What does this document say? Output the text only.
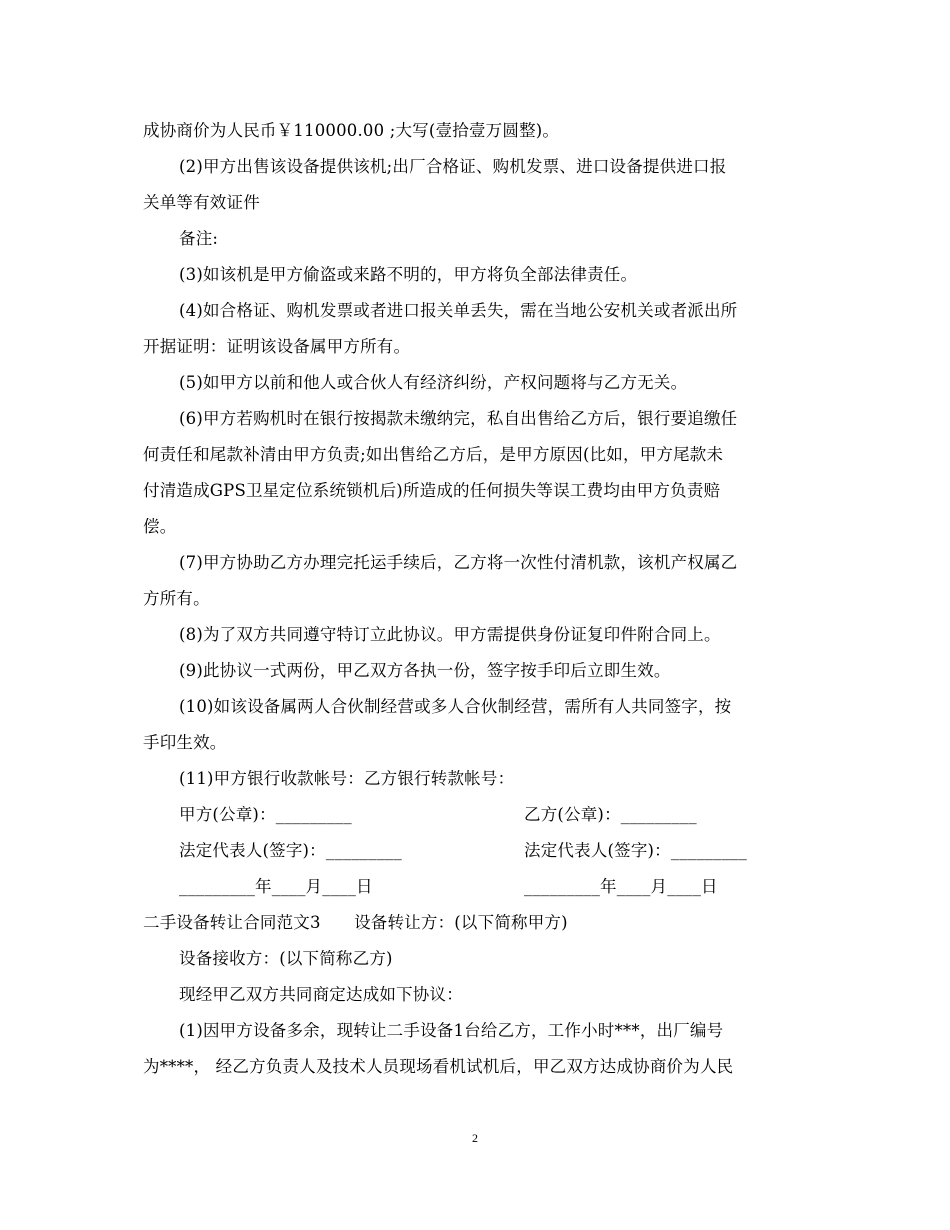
成协商价为人民币￥110000.00 ;大写(壹拾壹万圆整)。
(2)甲方出售该设备提供该机;出厂合格证、购机发票、进口设备提供进口报
关单等有效证件
备注:
(3)如该机是甲方偷盗或来路不明的，甲方将负全部法律责任。
(4)如合格证、购机发票或者进口报关单丢失，需在当地公安机关或者派出所
开据证明：证明该设备属甲方所有。
(5)如甲方以前和他人或合伙人有经济纠纷，产权问题将与乙方无关。
(6)甲方若购机时在银行按揭款未缴纳完，私自出售给乙方后，银行要追缴任
何责任和尾款补清由甲方负责;如出售给乙方后，是甲方原因(比如，甲方尾款未
付清造成GPS卫星定位系统锁机后)所造成的任何损失等误工费均由甲方负责赔
偿。
(7)甲方协助乙方办理完托运手续后，乙方将一次性付清机款，该机产权属乙
方所有。
(8)为了双方共同遵守特订立此协议。甲方需提供身份证复印件附合同上。
(9)此协议一式两份，甲乙双方各执一份，签字按手印后立即生效。
(10)如该设备属两人合伙制经营或多人合伙制经营，需所有人共同签字，按
手印生效。
(11)甲方银行收款帐号：乙方银行转款帐号：
甲方(公章)：_________	乙方(公章)：_________
法定代表人(签字)：_________	法定代表人(签字)：_________
_________年____月____日	_________年____月____日
二手设备转让合同范文3　　设备转让方：(以下简称甲方)
设备接收方：(以下简称乙方)
现经甲乙双方共同商定达成如下协议：
(1)因甲方设备多余，现转让二手设备1台给乙方，工作小时***，出厂编号
为****， 经乙方负责人及技术人员现场看机试机后，甲乙双方达成协商价为人民
2
